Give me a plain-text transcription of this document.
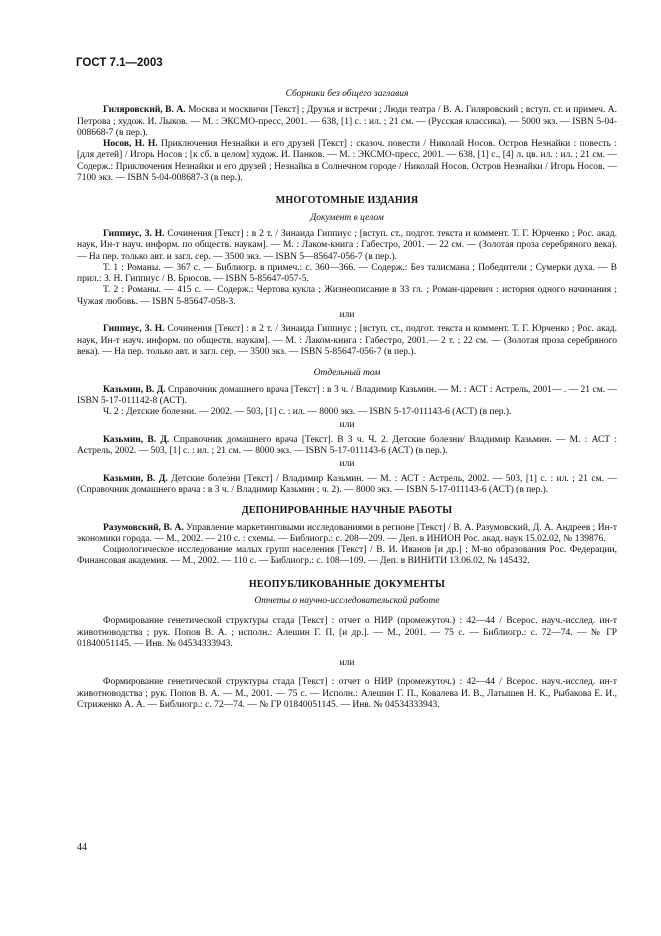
ГОСТ 7.1—2003
Сборники без общего заглавия

Гиляровский, В. А. Москва и москвичи [Текст] ; Друзья и встречи ; Люди театра / В. А. Гиляровский ; вступ. ст. и примеч. А. Петрова ; худож. И. Лыков. — М. : ЭКСМО-пресс, 2001. — 638, [1] с. : ил. ; 21 см. — (Русская классика). — 5000 экз. — ISBN 5-04-008668-7 (в пер.).

Носов, Н. Н. Приключения Незнайки и его друзей [Текст] : сказоч. повести / Николай Носов. Остров Незнайки : повесть : [для детей] / Игорь Носов ; [к сб. в целом] худож. И. Панков. — М. : ЭКСМО-пресс, 2001. — 638, [1] с., [4] л. цв. ил. : ил. ; 21 см. — Содерж.: Приключения Незнайки и его друзей ; Незнайка в Солнечном городе / Николай Носов. Остров Незнайки / Игорь Носов. — 7100 экз. — ISBN 5-04-008687-3 (в пер.).

МНОГОТОМНЫЕ ИЗДАНИЯ
Документ в целом

Гиппиус, З. Н. Сочинения [Текст] : в 2 т. / Зинаида Гиппиус ; [вступ. ст., подгот. текста и коммент. Т. Г. Юрченко ; Рос. акад. наук, Ин-т науч. информ. по обществ. наукам]. — М. : Лаком-книга : Габестро, 2001. — 22 см. — (Золотая проза серебряного века). — На пер. только авт. и загл. сер. — 3500 экз. — ISBN 5—85647-056-7 (в пер.).

Т. 1 : Романы. — 367 с. — Библиогр. в примеч.: с. 360—366. — Содерж.: Без талисмана ; Победители ; Сумерки духа. — В прил.: З. Н. Гиппиус / В. Брюсов. — ISBN 5-85647-057-5.

Т. 2 : Романы. — 415 с. — Содерж.: Чертова кукла ; Жизнеописание в 33 гл. ; Роман-царевич : история одного начинания ; Чужая любовь. — ISBN 5-85647-058-3.

или

Гиппиус, З. Н. Сочинения [Текст] : в 2 т. / Зинаида Гиппиус ; [вступ. ст., подгот. текста и коммент. Т. Г. Юрченко ; Рос. акад. наук, Ин-т науч. информ. по обществ. наукам]. — М. : Лаком-книга : Габестро, 2001.— 2 т. ; 22 см. — (Золотая проза серебряного века). — На пер. только авт. и загл. сер. — 3500 экз. — ISBN 5-85647-056-7 (в пер.).

Отдельный том

Казьмин, В. Д. Справочник домашнего врача [Текст] : в 3 ч. / Владимир Казьмин. — М. : АСТ : Астрель, 2001— . — 21 см. — ISBN 5-17-011142-8 (АСТ).

Ч. 2 : Детские болезни. — 2002. — 503, [1] с. : ил. — 8000 экз. — ISBN 5-17-011143-6 (АСТ) (в пер.).

или

Казьмин, В. Д. Справочник домашнего врача [Текст]. В 3 ч. Ч. 2. Детские болезни/ Владимир Казьмин. — М. : АСТ : Астрель, 2002. — 503, [1] с. : ил. ; 21 см. — 8000 экз. — ISBN 5-17-011143-6 (АСТ) (в пер.).

или

Казьмин, В. Д. Детские болезни [Текст] / Владимир Казьмин. — М. : АСТ : Астрель, 2002. — 503, [1] с. : ил. ; 21 см. — (Справочник домашнего врача : в 3 ч. / Владимир Казьмин ; ч. 2). — 8000 экз. — ISBN 5-17-011143-6 (АСТ) (в пер.).

ДЕПОНИРОВАННЫЕ НАУЧНЫЕ РАБОТЫ

Разумовский, В. А. Управление маркетинговыми исследованиями в регионе [Текст] / В. А. Разумовский, Д. А. Андреев ; Ин-т экономики города. — М., 2002. — 210 с. : схемы. — Библиогр.: с. 208—209. — Деп. в ИНИОН Рос. акад. наук 15.02.02, № 139876.

Социологическое исследование малых групп населения [Текст] / В. И. Иванов [и др.] ; М-во образования Рос. Федерации, Финансовая академия. — М., 2002. — 110 с. — Библиогр.: с. 108—109. — Деп. в ВИНИТИ 13.06.02, № 145432.

НЕОПУБЛИКОВАННЫЕ ДОКУМЕНТЫ
Отчеты о научно-исследовательской работе

Формирование генетической структуры стада [Текст] : отчет о НИР (промежуточ.) : 42—44 / Всерос. науч.-исслед. ин-т животноводства ; рук. Попов В. А. ; исполн.: Алешин Г. П. [и др.]. — М., 2001. — 75 с. — Библиогр.: с. 72—74. — № ГР 01840051145. — Инв. № 04534333943.

или

Формирование генетической структуры стада [Текст] : отчет о НИР (промежуточ.) : 42—44 / Всерос. науч.-исслед. ин-т животноводства ; рук. Попов В. А. — М., 2001. — 75 с. — Исполн.: Алешин Г. П., Ковалева И. В., Латышев Н. К., Рыбакова Е. И., Стриженко А. А. — Библиогр.: с. 72—74. — № ГР 01840051145. — Инв. № 04534333943.

44
